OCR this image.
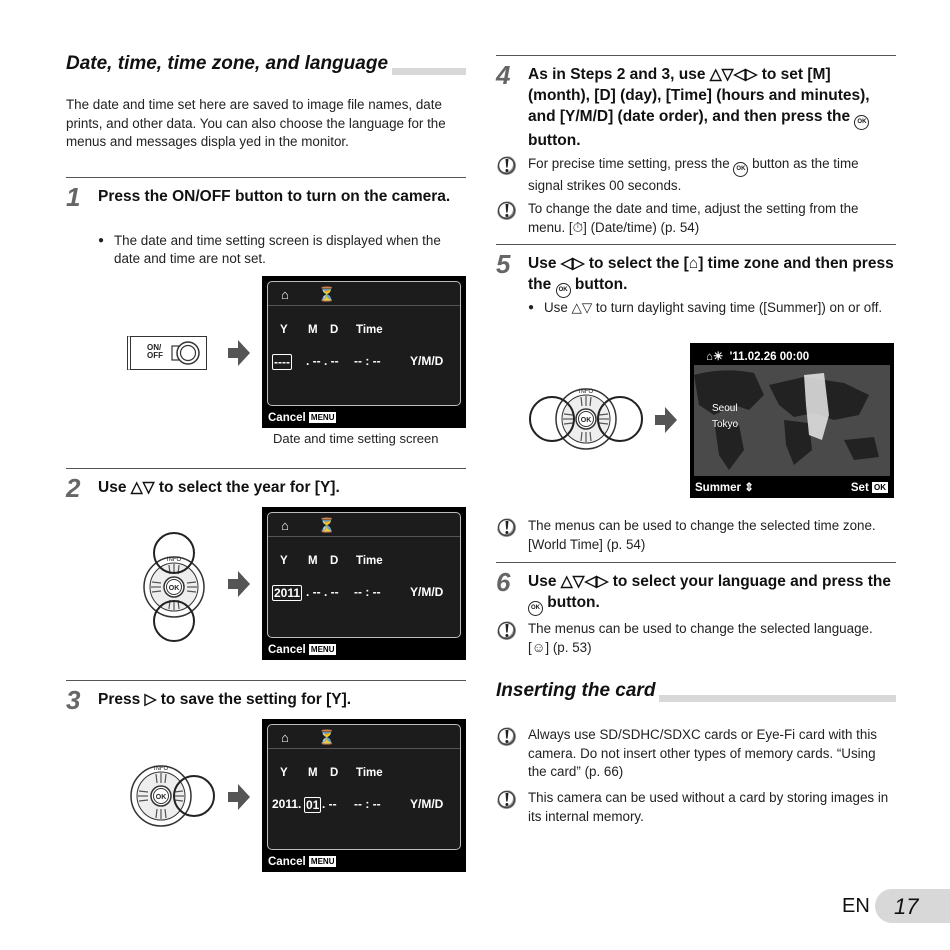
Date, time, time zone, and language
The date and time set here are saved to image file names, date prints, and other data. You can also choose the language for the menus and messages displa yed in the monitor.
1 Press the ON/OFF button to turn on the camera.
● The date and time setting screen is displayed when the date and time are not set.
ON/
OFF
⌂ ⏳
Y M D Time
---- . -- . -- -- : -- Y/M/D
Cancel MENU
Date and time setting screen
2 Use △▽ to select the year for [Y].
⌂ ⏳
Y M D Time
2011 . -- . -- -- : -- Y/M/D
Cancel MENU
3 Press ▷ to save the setting for [Y].
⌂ ⏳
Y M D Time
2011. 01 . -- -- : -- Y/M/D
Cancel MENU
4 As in Steps 2 and 3, use △▽◁▷ to set [M] (month), [D] (day), [Time] (hours and minutes), and [Y/M/D] (date order), and then press the OK button.
For precise time setting, press the OK button as the time signal strikes 00 seconds.
To change the date and time, adjust the setting from the menu. [⏱] (Date/time) (p. 54)
5 Use ◁▷ to select the [⌂] time zone and then press the OK button.
● Use △▽ to turn daylight saving time ([Summer]) on or off.
⌂☀  '11.02.26 00:00
Seoul
Tokyo
Summer ⇕	Set OK
The menus can be used to change the selected time zone. [World Time] (p. 54)
6 Use △▽◁▷ to select your language and press the OK button.
The menus can be used to change the selected language. [☺] (p. 53)
Inserting the card
Always use SD/SDHC/SDXC cards or Eye-Fi card with this camera. Do not insert other types of memory cards. “Using the card” (p. 66)
This camera can be used without a card by storing images in its internal memory.
EN 17
